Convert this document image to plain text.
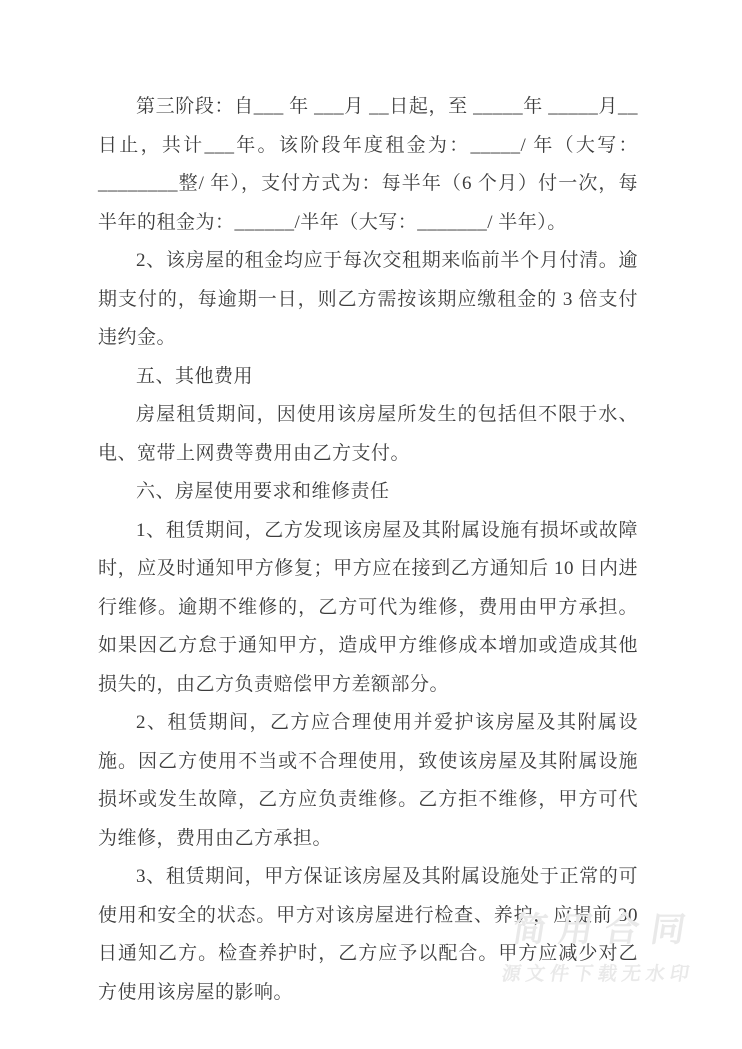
第三阶段：自___ 年 ___月 __日起，至 _____年 _____月__日止，共计___年。该阶段年度租金为：_____/ 年（大写：________整/ 年），支付方式为：每半年（6 个月）付一次，每半年的租金为：______/半年（大写：_______/ 半年）。

2、该房屋的租金均应于每次交租期来临前半个月付清。逾期支付的，每逾期一日，则乙方需按该期应缴租金的 3 倍支付违约金。

五、其他费用

房屋租赁期间，因使用该房屋所发生的包括但不限于水、电、宽带上网费等费用由乙方支付。

六、房屋使用要求和维修责任

1、租赁期间，乙方发现该房屋及其附属设施有损坏或故障时，应及时通知甲方修复；甲方应在接到乙方通知后 10 日内进行维修。逾期不维修的，乙方可代为维修，费用由甲方承担。如果因乙方怠于通知甲方，造成甲方维修成本增加或造成其他损失的，由乙方负责赔偿甲方差额部分。

2、租赁期间，乙方应合理使用并爱护该房屋及其附属设施。因乙方使用不当或不合理使用，致使该房屋及其附属设施损坏或发生故障，乙方应负责维修。乙方拒不维修，甲方可代为维修，费用由乙方承担。

3、租赁期间，甲方保证该房屋及其附属设施处于正常的可使用和安全的状态。甲方对该房屋进行检查、养护，应提前 30 日通知乙方。检查养护时，乙方应予以配合。甲方应减少对乙方使用该房屋的影响。

简用合同
源文件下载无水印
